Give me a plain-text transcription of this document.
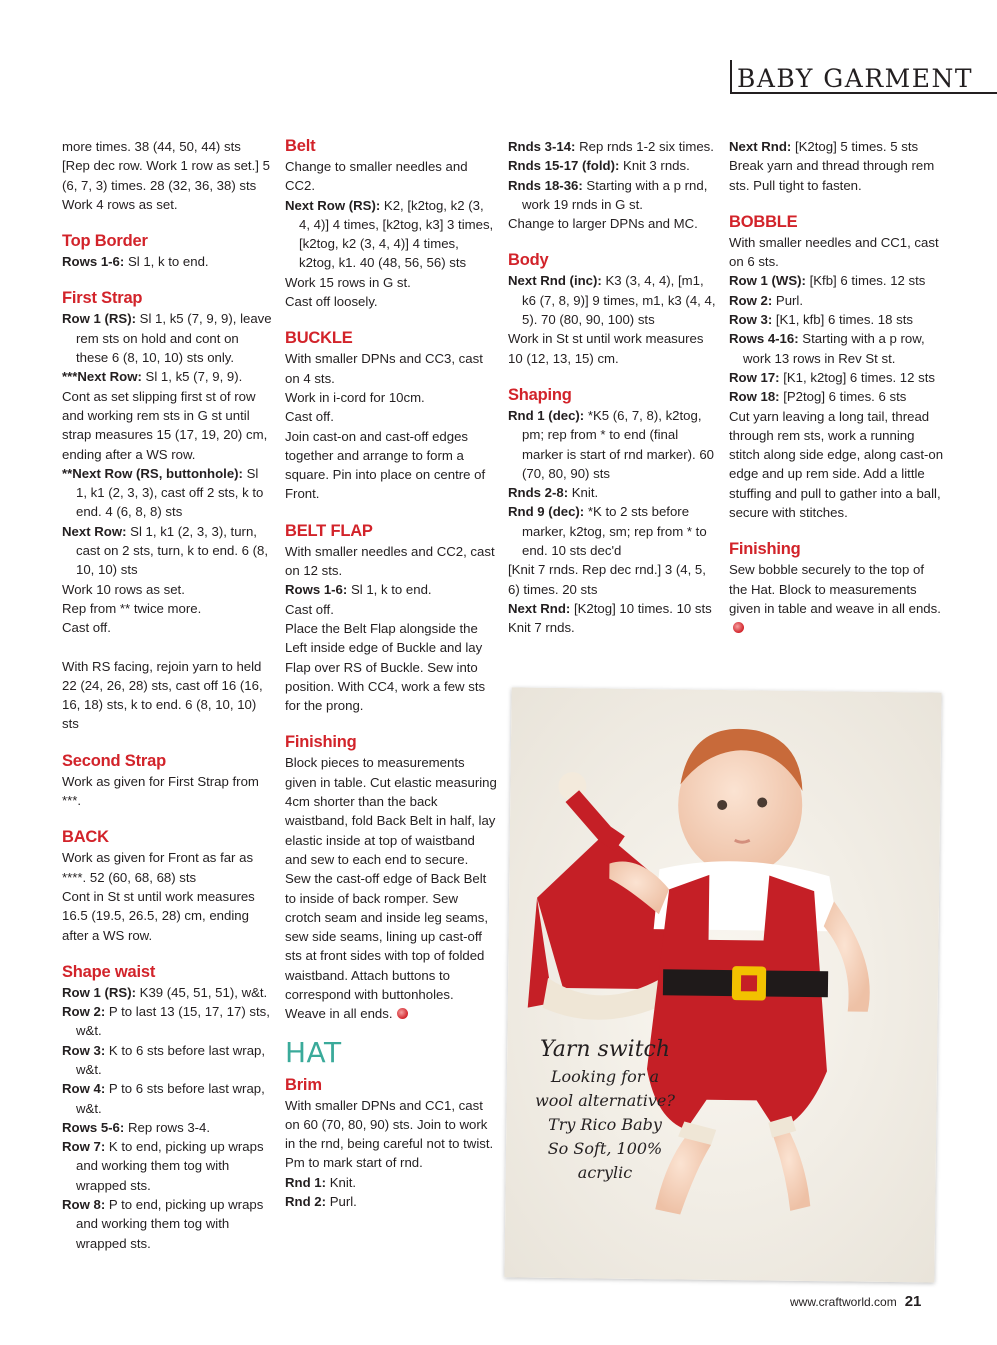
BABY GARMENT

more times. 38 (44, 50, 44) sts

[Rep dec row. Work 1 row as set.] 5 (6, 7, 3) times. 28 (32, 36, 38) sts

Work 4 rows as set.

Top Border

Rows 1-6: Sl 1, k to end.

First Strap

Row 1 (RS): Sl 1, k5 (7, 9, 9), leave rem sts on hold and cont on these 6 (8, 10, 10) sts only.

***Next Row: Sl 1, k5 (7, 9, 9).

Cont as set slipping first st of row and working rem sts in G st until strap measures 15 (17, 19, 20) cm, ending after a WS row.

**Next Row (RS, buttonhole): Sl 1, k1 (2, 3, 3), cast off 2 sts, k to end. 4 (6, 8, 8) sts

Next Row: Sl 1, k1 (2, 3, 3), turn, cast on 2 sts, turn, k to end. 6 (8, 10, 10) sts

Work 10 rows as set.

Rep from ** twice more.

Cast off.

With RS facing, rejoin yarn to held 22 (24, 26, 28) sts, cast off 16 (16, 16, 18) sts, k to end. 6 (8, 10, 10) sts

Second Strap

Work as given for First Strap from ***.

BACK

Work as given for Front as far as ****. 52 (60, 68, 68) sts

Cont in St st until work measures 16.5 (19.5, 26.5, 28) cm, ending after a WS row.

Shape waist

Row 1 (RS): K39 (45, 51, 51), w&t.

Row 2: P to last 13 (15, 17, 17) sts, w&t.

Row 3: K to 6 sts before last wrap, w&t.

Row 4: P to 6 sts before last wrap, w&t.

Rows 5-6: Rep rows 3-4.

Row 7: K to end, picking up wraps and working them tog with wrapped sts.

Row 8: P to end, picking up wraps and working them tog with wrapped sts.

Belt

Change to smaller needles and CC2.

Next Row (RS): K2, [k2tog, k2 (3, 4, 4)] 4 times, [k2tog, k3] 3 times, [k2tog, k2 (3, 4, 4)] 4 times, k2tog, k1. 40 (48, 56, 56) sts

Work 15 rows in G st.

Cast off loosely.

BUCKLE

With smaller DPNs and CC3, cast on 4 sts.

Work in i-cord for 10cm.

Cast off.

Join cast-on and cast-off edges together and arrange to form a square. Pin into place on centre of Front.

BELT FLAP

With smaller needles and CC2, cast on 12 sts.

Rows 1-6: Sl 1, k to end.

Cast off.

Place the Belt Flap alongside the Left inside edge of Buckle and lay Flap over RS of Buckle. Sew into position. With CC4, work a few sts for the prong.

Finishing

Block pieces to measurements given in table. Cut elastic measuring 4cm shorter than the back waistband, fold Back Belt in half, lay elastic inside at top of waistband and sew to each end to secure. Sew the cast-off edge of Back Belt to inside of back romper. Sew crotch seam and inside leg seams, sew side seams, lining up cast-off sts at front sides with top of folded waistband. Attach buttons to correspond with buttonholes. Weave in all ends.

HAT
Brim

With smaller DPNs and CC1, cast on 60 (70, 80, 90) sts. Join to work in the rnd, being careful not to twist. Pm to mark start of rnd.

Rnd 1: Knit.

Rnd 2: Purl.

Rnds 3-14: Rep rnds 1-2 six times.

Rnds 15-17 (fold): Knit 3 rnds.

Rnds 18-36: Starting with a p rnd, work 19 rnds in G st.

Change to larger DPNs and MC.

Body

Next Rnd (inc): K3 (3, 4, 4), [m1, k6 (7, 8, 9)] 9 times, m1, k3 (4, 4, 5). 70 (80, 90, 100) sts

Work in St st until work measures 10 (12, 13, 15) cm.

Shaping

Rnd 1 (dec): *K5 (6, 7, 8), k2tog, pm; rep from * to end (final marker is start of rnd marker). 60 (70, 80, 90) sts

Rnds 2-8: Knit.

Rnd 9 (dec): *K to 2 sts before marker, k2tog, sm; rep from * to end. 10 sts dec'd

[Knit 7 rnds. Rep dec rnd.] 3 (4, 5, 6) times. 20 sts

Next Rnd: [K2tog] 10 times. 10 sts

Knit 7 rnds.

Next Rnd: [K2tog] 5 times. 5 sts

Break yarn and thread through rem sts. Pull tight to fasten.

BOBBLE

With smaller needles and CC1, cast on 6 sts.

Row 1 (WS): [Kfb] 6 times. 12 sts

Row 2: Purl.

Row 3: [K1, kfb] 6 times. 18 sts

Rows 4-16: Starting with a p row, work 13 rows in Rev St st.

Row 17: [K1, k2tog] 6 times. 12 sts

Row 18: [P2tog] 6 times. 6 sts

Cut yarn leaving a long tail, thread through rem sts, work a running stitch along side edge, along cast-on edge and up rem side. Add a little stuffing and pull to gather into a ball, secure with stitches.

Finishing

Sew bobble securely to the top of the Hat. Block to measurements given in table and weave in all ends.

Yarn switch
Looking for a
wool alternative?
Try Rico Baby
So Soft, 100%
acrylic
www.craftworld.com 21
